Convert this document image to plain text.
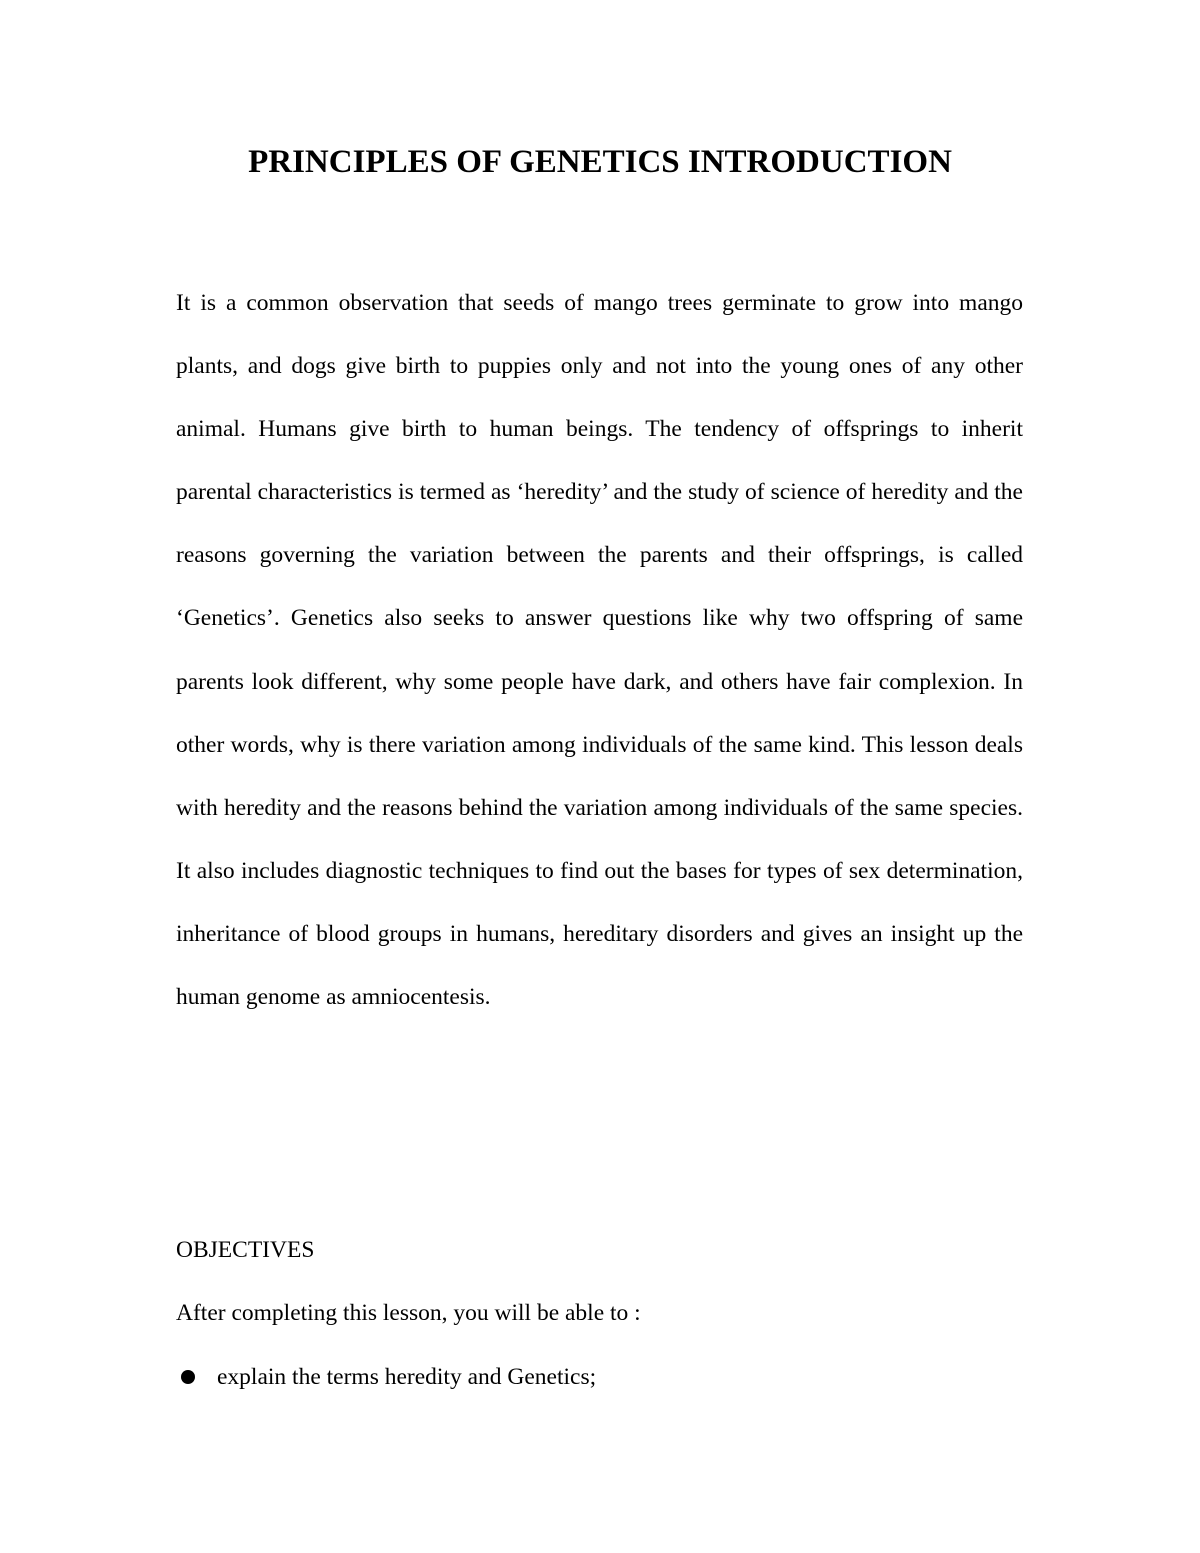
PRINCIPLES OF GENETICS INTRODUCTION

It is a common observation that seeds of mango trees germinate to grow into mango plants, and dogs give birth to puppies only and not into the young ones of any other animal. Humans give birth to human beings. The tendency of offsprings to inherit parental characteristics is termed as ‘heredity’ and the study of science of heredity and the reasons governing the variation between the parents and their offsprings, is called ‘Genetics’. Genetics also seeks to answer questions like why two offspring of same parents look different, why some people have dark, and others have fair complexion. In other words, why is there variation among individuals of the same kind. This lesson deals with heredity and the reasons behind the variation among individuals of the same species. It also includes diagnostic techniques to find out the bases for types of sex determination, inheritance of blood groups in humans, hereditary disorders and gives an insight up the human genome as amniocentesis.

OBJECTIVES

After completing this lesson, you will be able to :

explain the terms heredity and Genetics;
